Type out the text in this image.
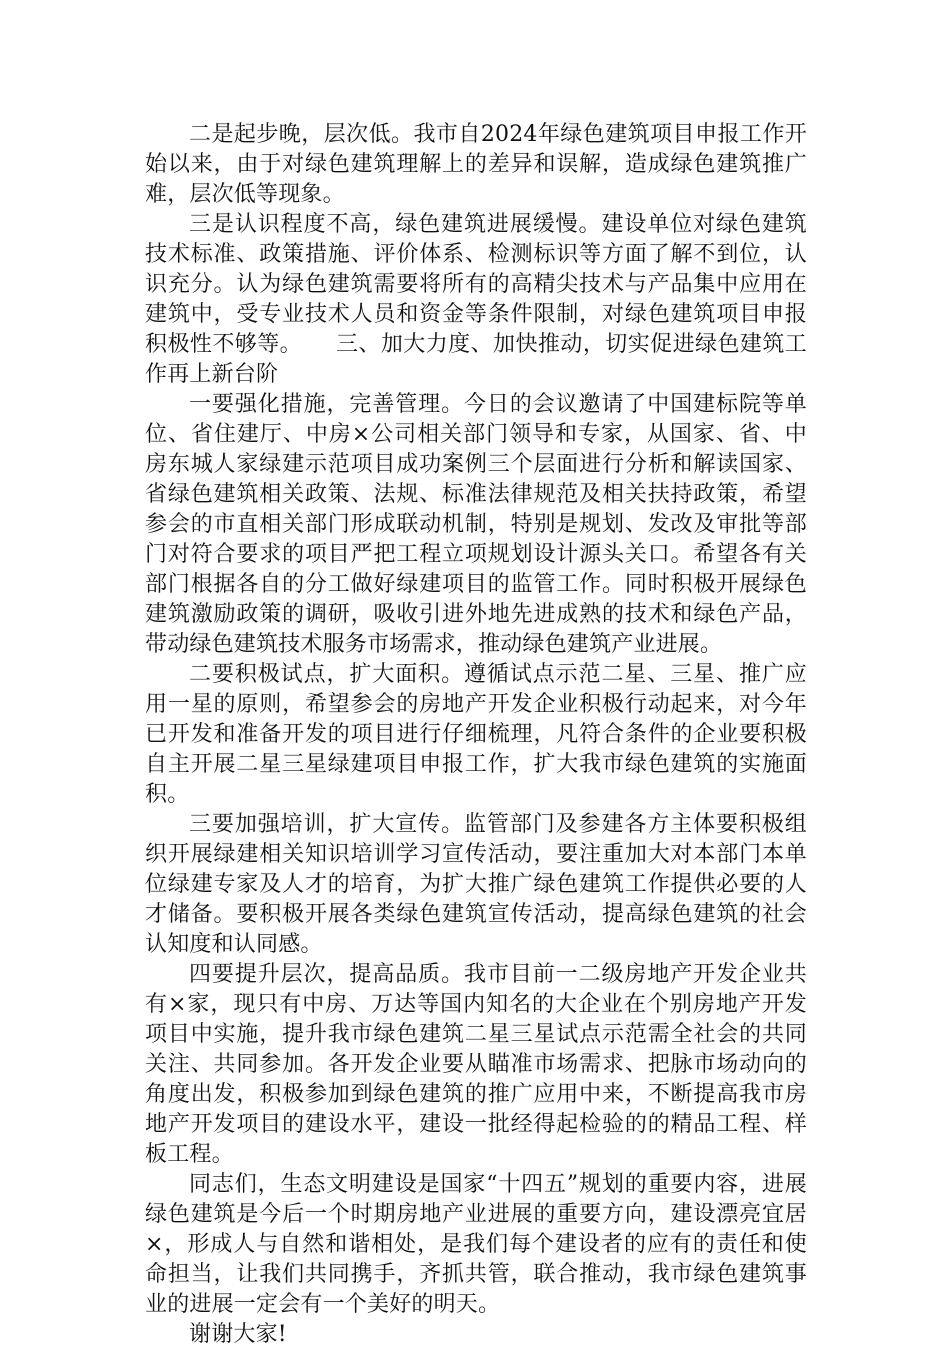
二是起步晚，层次低。我市自2024年绿色建筑项目申报工作开始以来，由于对绿色建筑理解上的差异和误解，造成绿色建筑推广难，层次低等现象。

三是认识程度不高，绿色建筑进展缓慢。建设单位对绿色建筑技术标准、政策措施、评价体系、检测标识等方面了解不到位，认识充分。认为绿色建筑需要将所有的高精尖技术与产品集中应用在建筑中，受专业技术人员和资金等条件限制，对绿色建筑项目申报积极性不够等。　　三、加大力度、加快推动，切实促进绿色建筑工作再上新台阶

一要强化措施，完善管理。今日的会议邀请了中国建标院等单位、省住建厅、中房×公司相关部门领导和专家，从国家、省、中房东城人家绿建示范项目成功案例三个层面进行分析和解读国家、省绿色建筑相关政策、法规、标准法律规范及相关扶持政策，希望参会的市直相关部门形成联动机制，特别是规划、发改及审批等部门对符合要求的项目严把工程立项规划设计源头关口。希望各有关部门根据各自的分工做好绿建项目的监管工作。同时积极开展绿色建筑激励政策的调研，吸收引进外地先进成熟的技术和绿色产品，带动绿色建筑技术服务市场需求，推动绿色建筑产业进展。

二要积极试点，扩大面积。遵循试点示范二星、三星、推广应用一星的原则，希望参会的房地产开发企业积极行动起来，对今年已开发和准备开发的项目进行仔细梳理，凡符合条件的企业要积极自主开展二星三星绿建项目申报工作，扩大我市绿色建筑的实施面积。

三要加强培训，扩大宣传。监管部门及参建各方主体要积极组织开展绿建相关知识培训学习宣传活动，要注重加大对本部门本单位绿建专家及人才的培育，为扩大推广绿色建筑工作提供必要的人才储备。要积极开展各类绿色建筑宣传活动，提高绿色建筑的社会认知度和认同感。

四要提升层次，提高品质。我市目前一二级房地产开发企业共有×家，现只有中房、万达等国内知名的大企业在个别房地产开发项目中实施，提升我市绿色建筑二星三星试点示范需全社会的共同关注、共同参加。各开发企业要从瞄准市场需求、把脉市场动向的角度出发，积极参加到绿色建筑的推广应用中来，不断提高我市房地产开发项目的建设水平，建设一批经得起检验的的精品工程、样板工程。

同志们，生态文明建设是国家“十四五”规划的重要内容，进展绿色建筑是今后一个时期房地产业进展的重要方向，建设漂亮宜居×，形成人与自然和谐相处，是我们每个建设者的应有的责任和使命担当，让我们共同携手，齐抓共管，联合推动，我市绿色建筑事业的进展一定会有一个美好的明天。

谢谢大家!
